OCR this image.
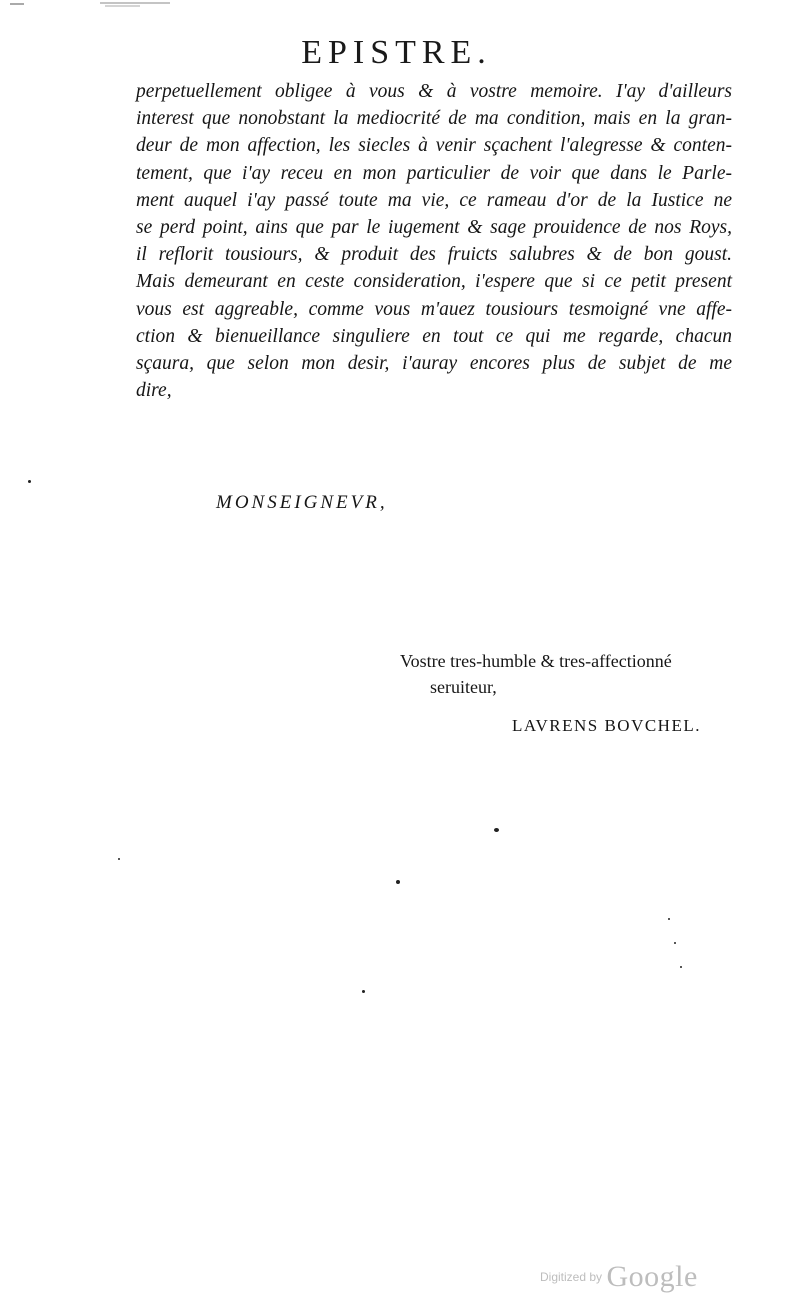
EPISTRE.
perpetuellement obligee à vous & à vostre memoire. I'ay d'ailleurs
interest que nonobstant la mediocrité de ma condition, mais en la gran-
deur de mon affection, les siecles à venir sçachent l'alegresse & conten-
tement, que i'ay receu en mon particulier de voir que dans le Parle-
ment auquel i'ay passé toute ma vie, ce rameau d'or de la Iustice ne
se perd point, ains que par le iugement & sage prouidence de nos Roys,
il reflorit tousiours, & produit des fruicts salubres & de bon goust.
Mais demeurant en ceste consideration, i'espere que si ce petit present
vous est aggreable, comme vous m'auez tousiours tesmoigné vne affe-
ction & bienueillance singuliere en tout ce qui me regarde, chacun
sçaura, que selon mon desir, i'auray encores plus de subjet de me
dire,
MONSEIGNEVR,
Vostre tres-humble & tres-affectionné
seruiteur,
LAVRENS BOVCHEL.
Digitized by Google
